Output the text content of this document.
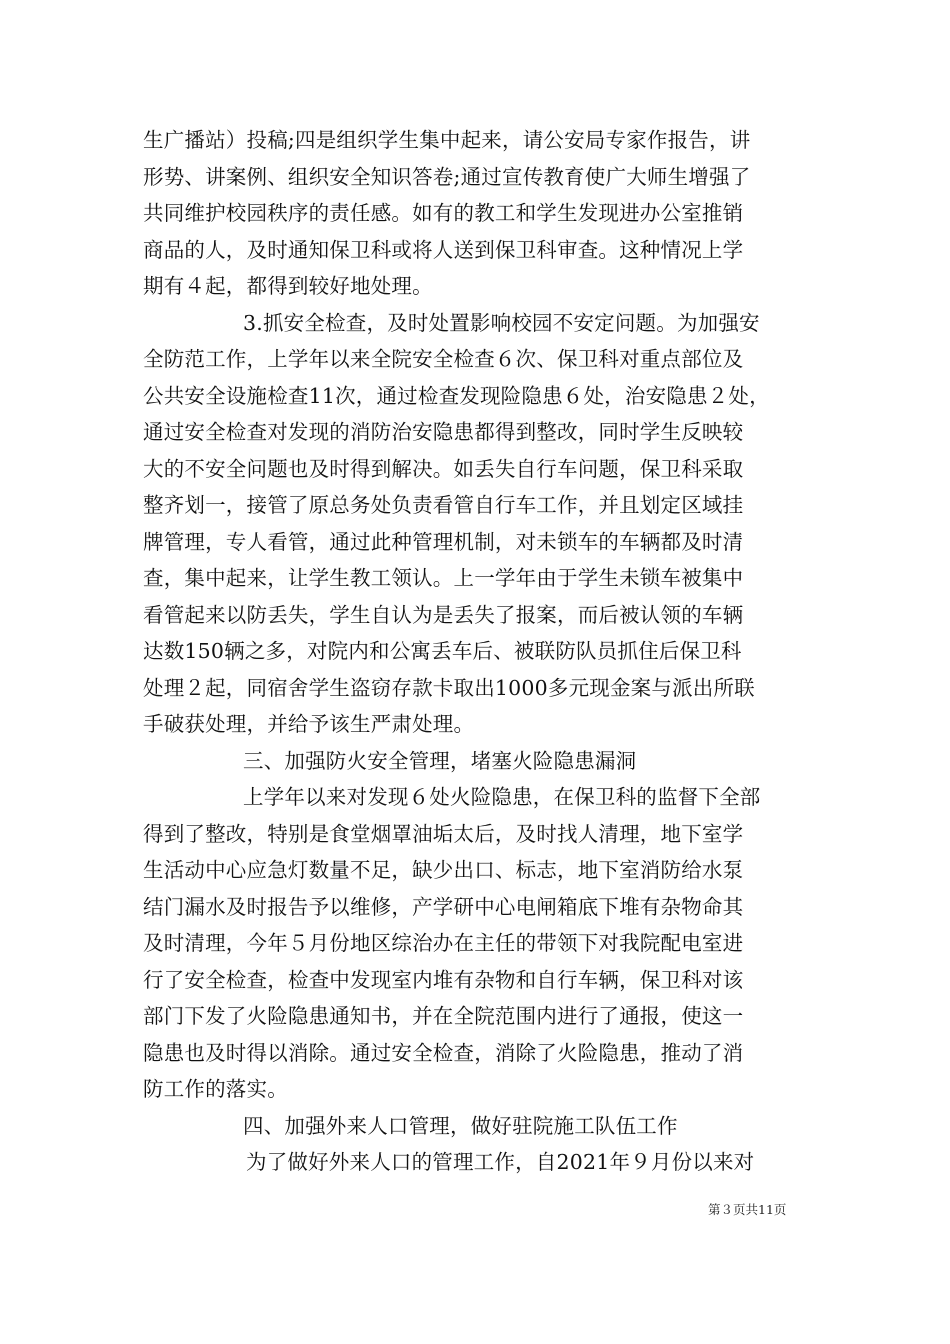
生广播站）投稿;四是组织学生集中起来，请公安局专家作报告，讲
形势、讲案例、组织安全知识答卷;通过宣传教育使广大师生增强了
共同维护校园秩序的责任感。如有的教工和学生发现进办公室推销
商品的人，及时通知保卫科或将人送到保卫科审查。这种情况上学
期有４起，都得到较好地处理。
3.抓安全检查，及时处置影响校园不安定问题。为加强安
全防范工作，上学年以来全院安全检查６次、保卫科对重点部位及
公共安全设施检查11次，通过检查发现险隐患６处，治安隐患２处，
通过安全检查对发现的消防治安隐患都得到整改，同时学生反映较
大的不安全问题也及时得到解决。如丢失自行车问题，保卫科采取
整齐划一，接管了原总务处负责看管自行车工作，并且划定区域挂
牌管理，专人看管，通过此种管理机制，对未锁车的车辆都及时清
查，集中起来，让学生教工领认。上一学年由于学生未锁车被集中
看管起来以防丢失，学生自认为是丢失了报案，而后被认领的车辆
达数150辆之多，对院内和公寓丢车后、被联防队员抓住后保卫科
处理２起，同宿舍学生盗窃存款卡取出1000多元现金案与派出所联
手破获处理，并给予该生严肃处理。
三、加强防火安全管理，堵塞火险隐患漏洞
上学年以来对发现６处火险隐患，在保卫科的监督下全部
得到了整改，特别是食堂烟罩油垢太后，及时找人清理，地下室学
生活动中心应急灯数量不足，缺少出口、标志，地下室消防给水泵
结门漏水及时报告予以维修，产学研中心电闸箱底下堆有杂物命其
及时清理，今年５月份地区综治办在主任的带领下对我院配电室进
行了安全检查，检查中发现室内堆有杂物和自行车辆，保卫科对该
部门下发了火险隐患通知书，并在全院范围内进行了通报，使这一
隐患也及时得以消除。通过安全检查，消除了火险隐患，推动了消
防工作的落实。
四、加强外来人口管理，做好驻院施工队伍工作
为了做好外来人口的管理工作，自2021年９月份以来对
第３页共11页
